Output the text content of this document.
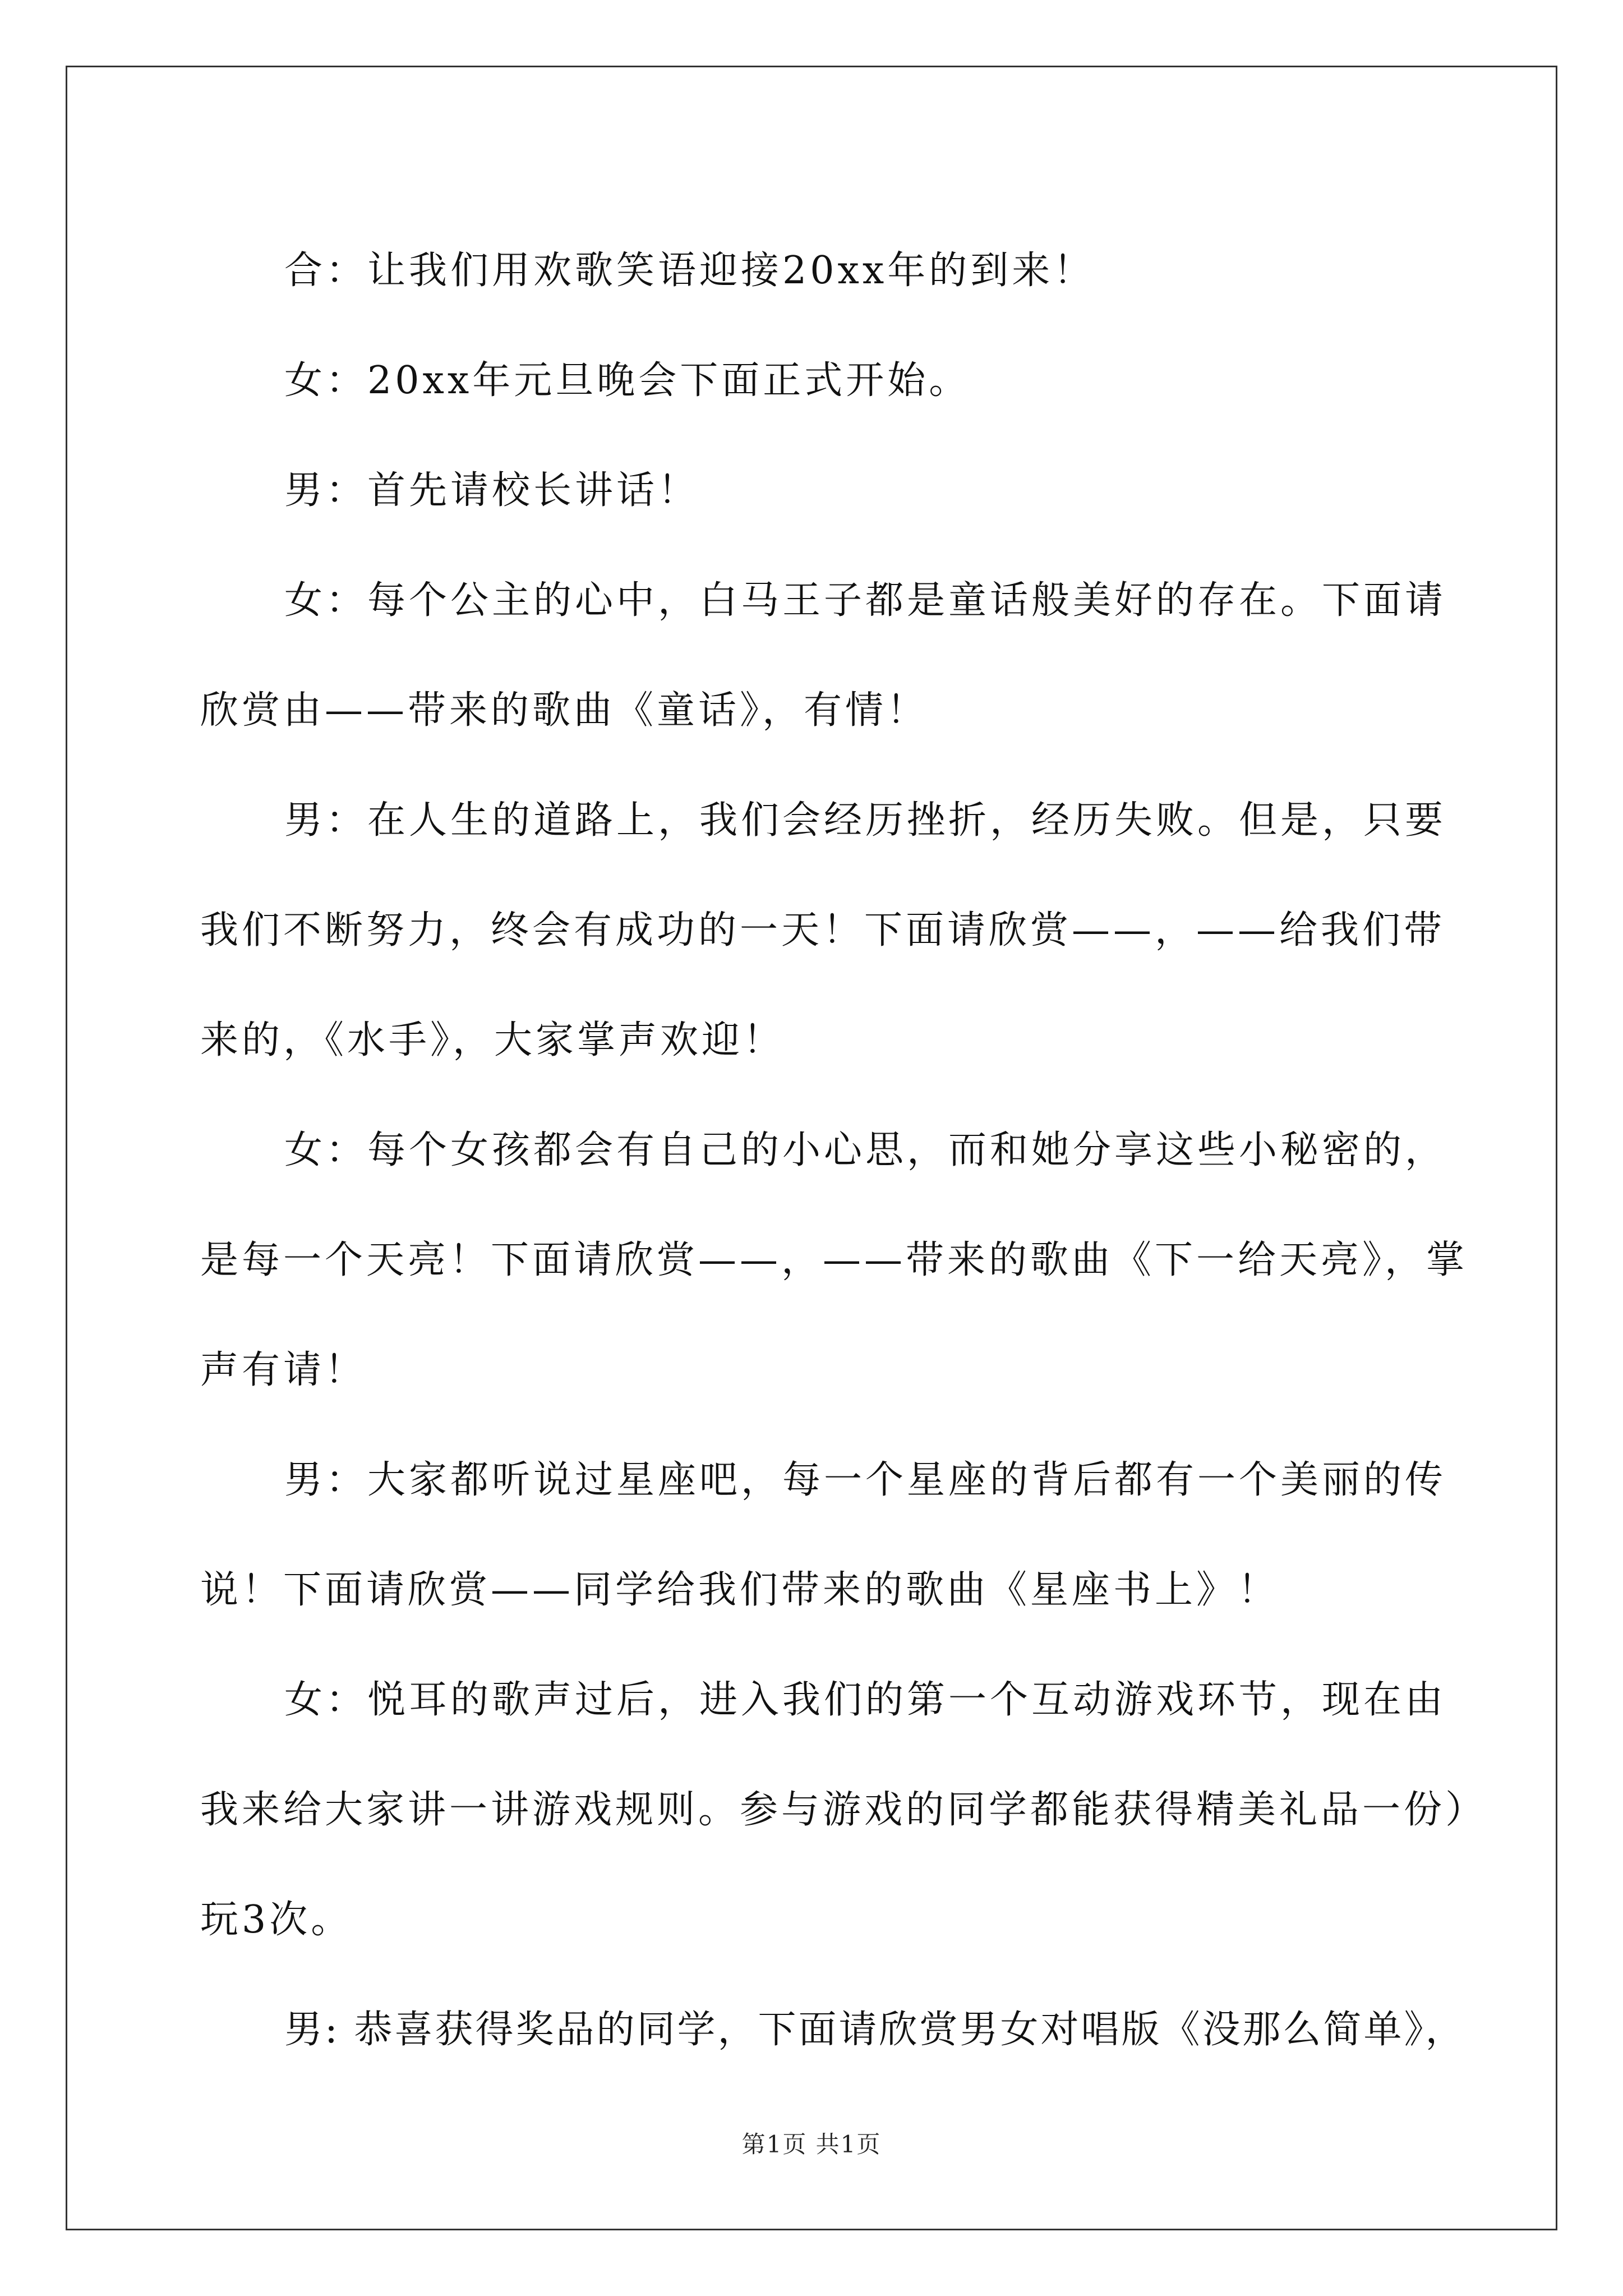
合：让我们用欢歌笑语迎接20xx年的到来！

女：20xx年元旦晚会下面正式开始。

男：首先请校长讲话！

女：每个公主的心中，白马王子都是童话般美好的存在。下面请欣赏由——带来的歌曲《童话》，有情！

男：在人生的道路上，我们会经历挫折，经历失败。但是，只要我们不断努力，终会有成功的一天！下面请欣赏——，——给我们带来的，《水手》，大家掌声欢迎！

女：每个女孩都会有自己的小心思，而和她分享这些小秘密的，是每一个天亮！下面请欣赏——，——带来的歌曲《下一给天亮》，掌声有请！

男：大家都听说过星座吧，每一个星座的背后都有一个美丽的传说！下面请欣赏——同学给我们带来的歌曲《星座书上》！

女：悦耳的歌声过后，进入我们的第一个互动游戏环节，现在由我来给大家讲一讲游戏规则。参与游戏的同学都能获得精美礼品一份）玩3次。

男: 恭喜获得奖品的同学，下面请欣赏男女对唱版《没那么简单》，

第1页 共1页
